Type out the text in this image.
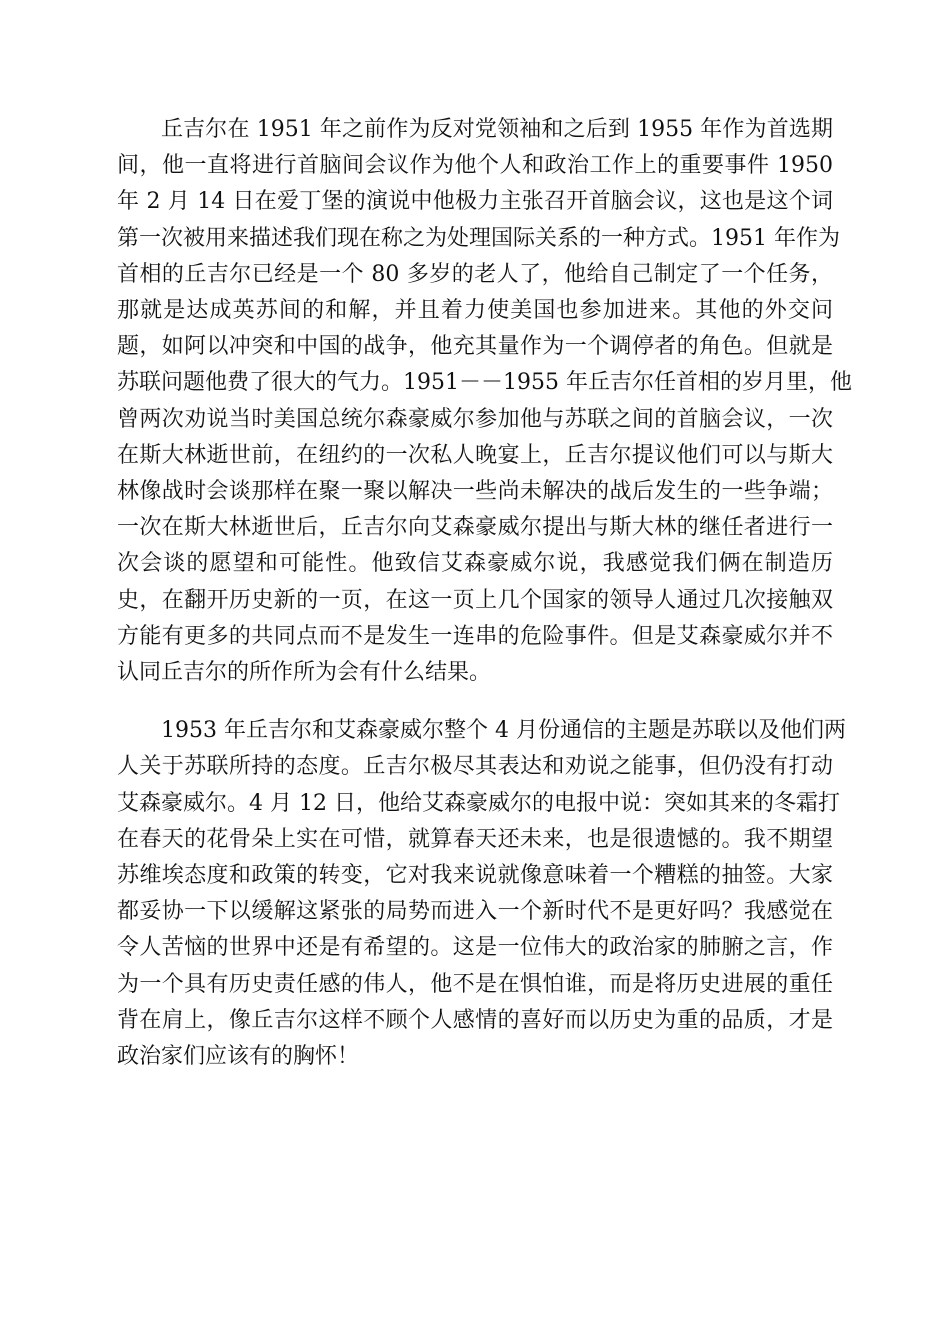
丘吉尔在 1951 年之前作为反对党领袖和之后到 1955 年作为首选期
间，他一直将进行首脑间会议作为他个人和政治工作上的重要事件 1950
年 2 月 14 日在爱丁堡的演说中他极力主张召开首脑会议，这也是这个词
第一次被用来描述我们现在称之为处理国际关系的一种方式。1951 年作为
首相的丘吉尔已经是一个 80 多岁的老人了，他给自己制定了一个任务，
那就是达成英苏间的和解，并且着力使美国也参加进来。其他的外交问
题，如阿以冲突和中国的战争，他充其量作为一个调停者的角色。但就是
苏联问题他费了很大的气力。1951－－1955 年丘吉尔任首相的岁月里，他
曾两次劝说当时美国总统尔森豪威尔参加他与苏联之间的首脑会议，一次
在斯大林逝世前，在纽约的一次私人晚宴上，丘吉尔提议他们可以与斯大
林像战时会谈那样在聚一聚以解决一些尚未解决的战后发生的一些争端；
一次在斯大林逝世后，丘吉尔向艾森豪威尔提出与斯大林的继任者进行一
次会谈的愿望和可能性。他致信艾森豪威尔说，我感觉我们俩在制造历
史，在翻开历史新的一页，在这一页上几个国家的领导人通过几次接触双
方能有更多的共同点而不是发生一连串的危险事件。但是艾森豪威尔并不
认同丘吉尔的所作所为会有什么结果。

1953 年丘吉尔和艾森豪威尔整个 4 月份通信的主题是苏联以及他们两
人关于苏联所持的态度。丘吉尔极尽其表达和劝说之能事，但仍没有打动
艾森豪威尔。4 月 12 日，他给艾森豪威尔的电报中说：突如其来的冬霜打
在春天的花骨朵上实在可惜，就算春天还未来，也是很遗憾的。我不期望
苏维埃态度和政策的转变，它对我来说就像意味着一个糟糕的抽签。大家
都妥协一下以缓解这紧张的局势而进入一个新时代不是更好吗？我感觉在
令人苦恼的世界中还是有希望的。这是一位伟大的政治家的肺腑之言，作
为一个具有历史责任感的伟人，他不是在惧怕谁，而是将历史进展的重任
背在肩上，像丘吉尔这样不顾个人感情的喜好而以历史为重的品质，才是
政治家们应该有的胸怀！
